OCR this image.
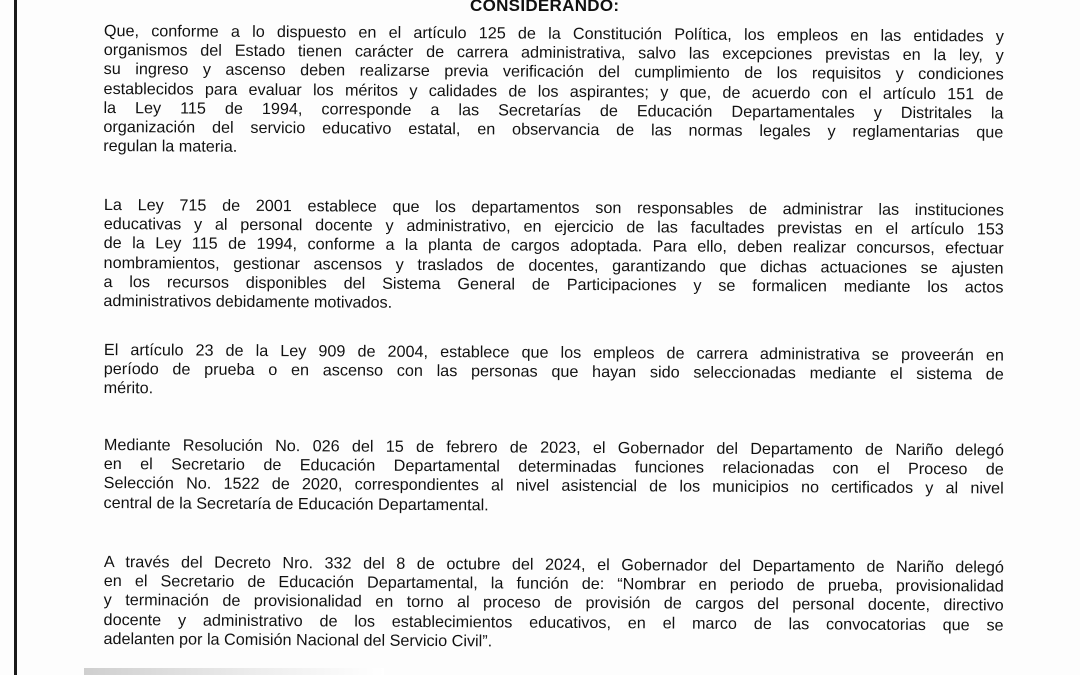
CONSIDERANDO:
Que, conforme a lo dispuesto en el artículo 125 de la Constitución Política, los empleos en las entidades y
organismos del Estado tienen carácter de carrera administrativa, salvo las excepciones previstas en la ley, y
su ingreso y ascenso deben realizarse previa verificación del cumplimiento de los requisitos y condiciones
establecidos para evaluar los méritos y calidades de los aspirantes; y que, de acuerdo con el artículo 151 de
la Ley 115 de 1994, corresponde a las Secretarías de Educación Departamentales y Distritales la
organización del servicio educativo estatal, en observancia de las normas legales y reglamentarias que
regulan la materia.
La Ley 715 de 2001 establece que los departamentos son responsables de administrar las instituciones
educativas y al personal docente y administrativo, en ejercicio de las facultades previstas en el artículo 153
de la Ley 115 de 1994, conforme a la planta de cargos adoptada. Para ello, deben realizar concursos, efectuar
nombramientos, gestionar ascensos y traslados de docentes, garantizando que dichas actuaciones se ajusten
a los recursos disponibles del Sistema General de Participaciones y se formalicen mediante los actos
administrativos debidamente motivados.
El artículo 23 de la Ley 909 de 2004, establece que los empleos de carrera administrativa se proveerán en
período de prueba o en ascenso con las personas que hayan sido seleccionadas mediante el sistema de
mérito.
Mediante Resolución No. 026 del 15 de febrero de 2023, el Gobernador del Departamento de Nariño delegó
en el Secretario de Educación Departamental determinadas funciones relacionadas con el Proceso de
Selección No. 1522 de 2020, correspondientes al nivel asistencial de los municipios no certificados y al nivel
central de la Secretaría de Educación Departamental.
A través del Decreto Nro. 332 del 8 de octubre del 2024, el Gobernador del Departamento de Nariño delegó
en el Secretario de Educación Departamental, la función de: “Nombrar en periodo de prueba, provisionalidad
y terminación de provisionalidad en torno al proceso de provisión de cargos del personal docente, directivo
docente y administrativo de los establecimientos educativos, en el marco de las convocatorias que se
adelanten por la Comisión Nacional del Servicio Civil”.
